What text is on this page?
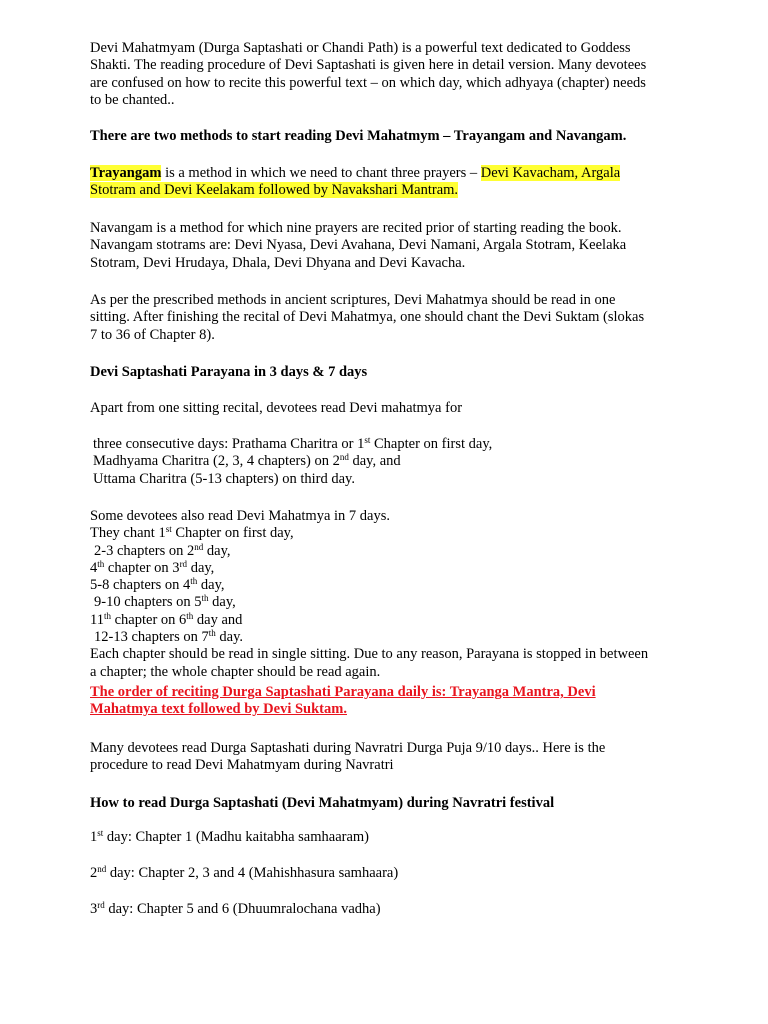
Devi Mahatmyam (Durga Saptashati or Chandi Path) is a powerful text dedicated to Goddess
Shakti. The reading procedure of Devi Saptashati is given here in detail version. Many devotees
are confused on how to recite this powerful text – on which day, which adhyaya (chapter) needs
to be chanted..

There are two methods to start reading Devi Mahatmym – Trayangam and Navangam.

Trayangam is a method in which we need to chant three prayers – Devi Kavacham, Argala
Stotram and Devi Keelakam followed by Navakshari Mantram.

Navangam is a method for which nine prayers are recited prior of starting reading the book.
Navangam stotrams are: Devi Nyasa, Devi Avahana, Devi Namani, Argala Stotram, Keelaka
Stotram, Devi Hrudaya, Dhala, Devi Dhyana and Devi Kavacha.

As per the prescribed methods in ancient scriptures, Devi Mahatmya should be read in one
sitting. After finishing the recital of Devi Mahatmya, one should chant the Devi Suktam (slokas
7 to 36 of Chapter 8).

Devi Saptashati Parayana in 3 days & 7 days

Apart from one sitting recital, devotees read Devi mahatmya for

three consecutive days: Prathama Charitra or 1st Chapter on first day,
Madhyama Charitra (2, 3, 4 chapters) on 2nd day, and
Uttama Charitra (5-13 chapters) on third day.

Some devotees also read Devi Mahatmya in 7 days.
They chant 1st Chapter on first day,
2-3 chapters on 2nd day,
4th chapter on 3rd day,
5-8 chapters on 4th day,
9-10 chapters on 5th day,
11th chapter on 6th day and
12-13 chapters on 7th day.
Each chapter should be read in single sitting. Due to any reason, Parayana is stopped in between
a chapter; the whole chapter should be read again.

The order of reciting Durga Saptashati Parayana daily is: Trayanga Mantra, Devi
Mahatmya text followed by Devi Suktam.

Many devotees read Durga Saptashati during Navratri Durga Puja 9/10 days.. Here is the
procedure to read Devi Mahatmyam during Navratri

How to read Durga Saptashati (Devi Mahatmyam) during Navratri festival

1st day: Chapter 1 (Madhu kaitabha samhaaram)

2nd day: Chapter 2, 3 and 4 (Mahishhasura samhaara)

3rd day: Chapter 5 and 6 (Dhuumralochana vadha)
